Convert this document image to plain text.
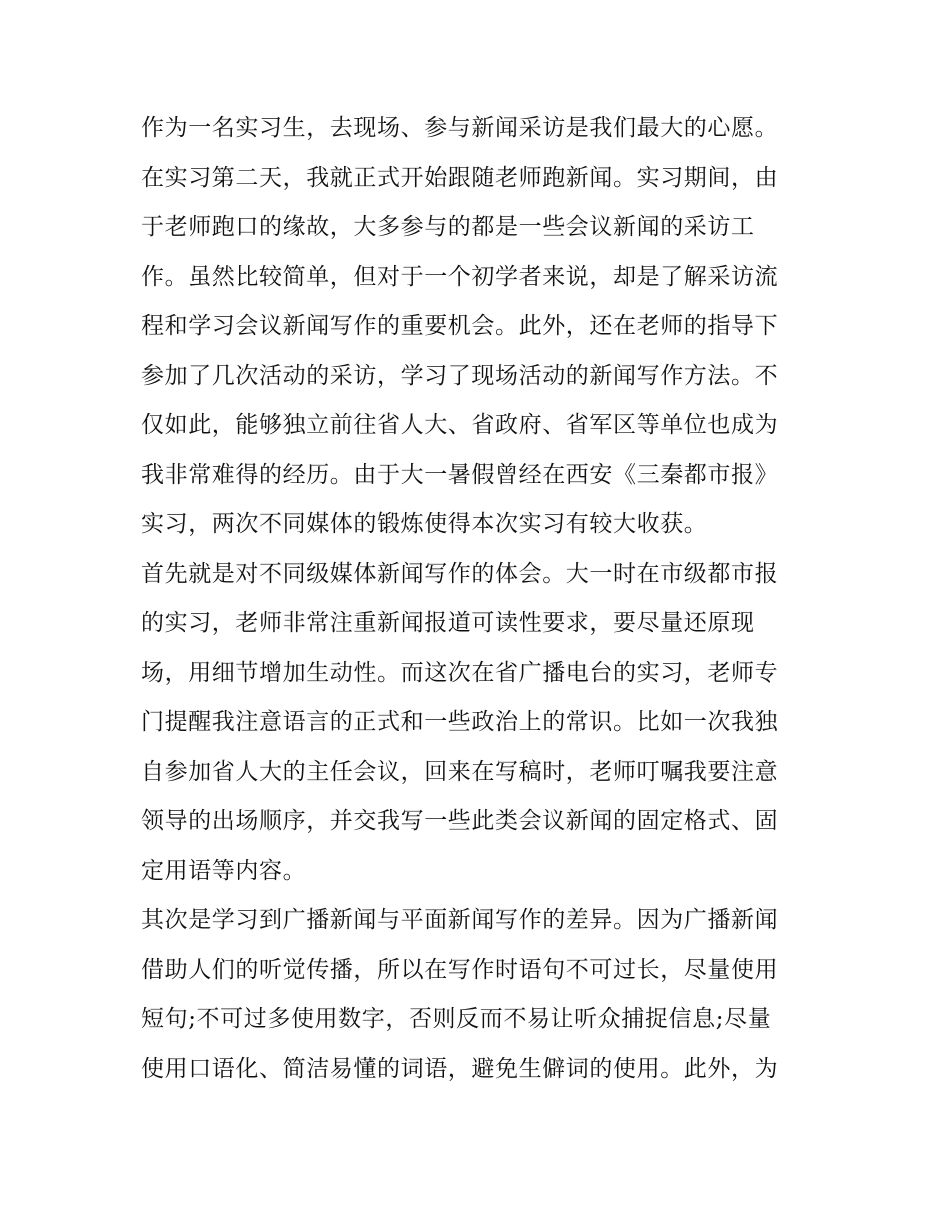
作为一名实习生，去现场、参与新闻采访是我们最大的心愿。
在实习第二天，我就正式开始跟随老师跑新闻。实习期间，由
于老师跑口的缘故，大多参与的都是一些会议新闻的采访工
作。虽然比较简单，但对于一个初学者来说，却是了解采访流
程和学习会议新闻写作的重要机会。此外，还在老师的指导下
参加了几次活动的采访，学习了现场活动的新闻写作方法。不
仅如此，能够独立前往省人大、省政府、省军区等单位也成为
我非常难得的经历。由于大一暑假曾经在西安《三秦都市报》
实习，两次不同媒体的锻炼使得本次实习有较大收获。
首先就是对不同级媒体新闻写作的体会。大一时在市级都市报
的实习，老师非常注重新闻报道可读性要求，要尽量还原现
场，用细节增加生动性。而这次在省广播电台的实习，老师专
门提醒我注意语言的正式和一些政治上的常识。比如一次我独
自参加省人大的主任会议，回来在写稿时，老师叮嘱我要注意
领导的出场顺序，并交我写一些此类会议新闻的固定格式、固
定用语等内容。
其次是学习到广播新闻与平面新闻写作的差异。因为广播新闻
借助人们的听觉传播，所以在写作时语句不可过长，尽量使用
短句;不可过多使用数字，否则反而不易让听众捕捉信息;尽量
使用口语化、简洁易懂的词语，避免生僻词的使用。此外，为
